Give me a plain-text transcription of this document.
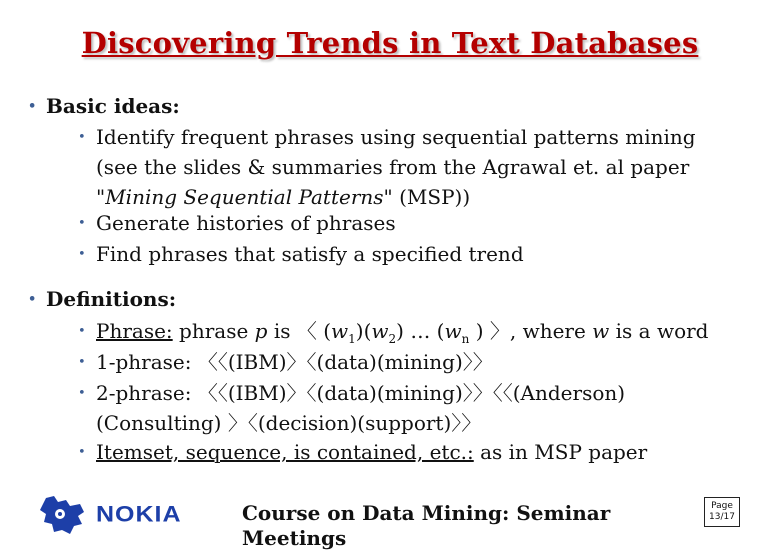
Discovering Trends in Text Databases
• Basic ideas:
• Identify frequent phrases using sequential patterns mining
(see the slides & summaries from the Agrawal et. al paper
"Mining Sequential Patterns" (MSP))
• Generate histories of phrases
• Find phrases that satisfy a specified trend
• Definitions:
• Phrase: phrase p is 〈 $(w_1)(w_2)$ … ($w_n$ ) 〉, where w is a word
• 1-phrase: 〈〈(IBM)〉〈(data)(mining)〉〉
• 2-phrase: 〈〈(IBM)〉〈(data)(mining)〉〉〈〈(Anderson)
(Consulting) 〉〈(decision)(support)〉〉
• Itemset, sequence, is contained, etc.: as in MSP paper
NOKIA	Course on Data Mining: Seminar
Meetings
Page
13/17
